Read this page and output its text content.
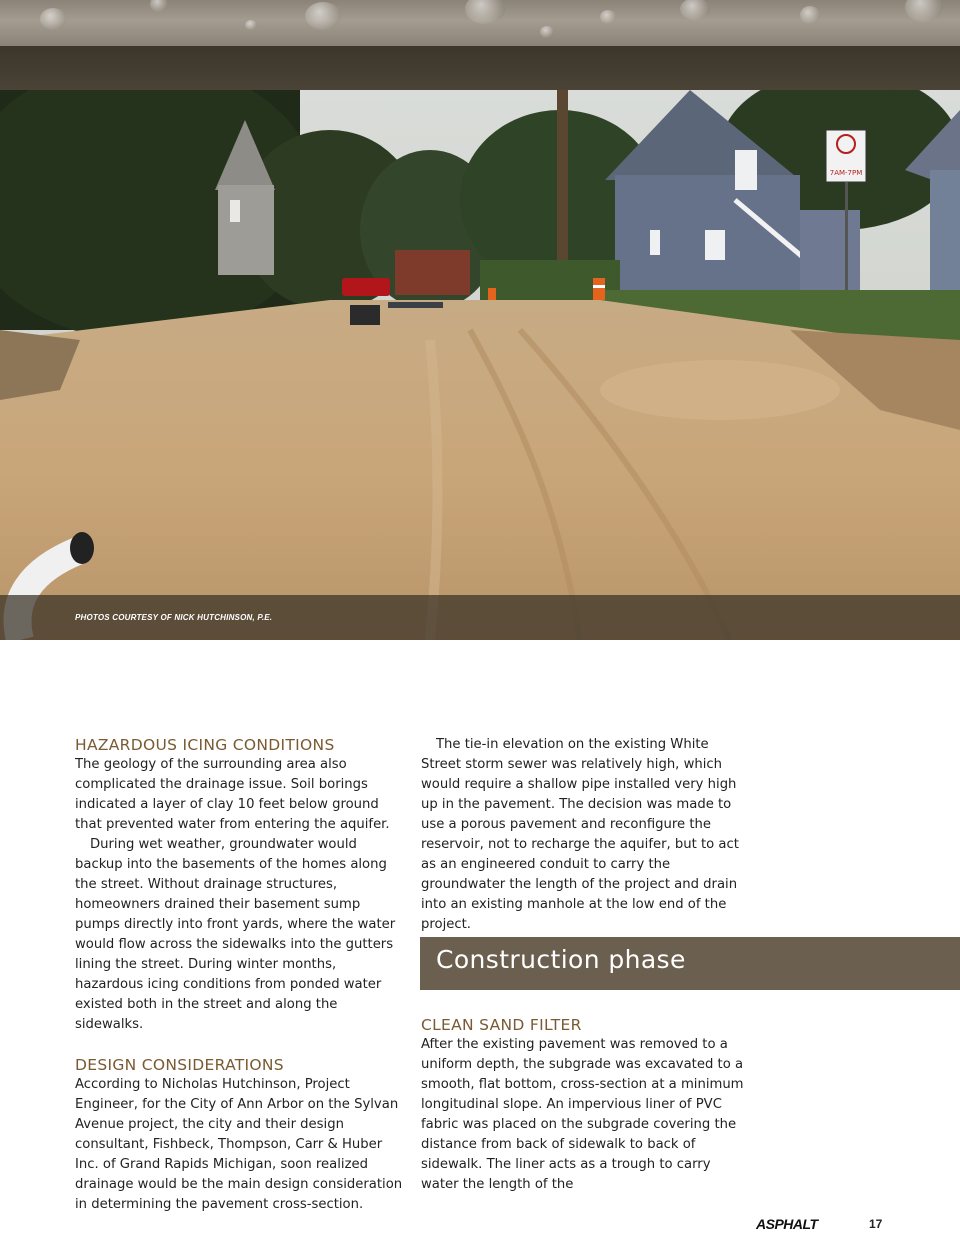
7AM-7PM
PHOTOS COURTESY OF NICK HUTCHINSON, P.E.

HAZARDOUS ICING CONDITIONS

The geology of the surrounding area also complicated the drainage issue. Soil borings indicated a layer of clay 10 feet below ground that prevented water from entering the aquifer.

During wet weather, groundwater would backup into the basements of the homes along the street. Without drainage structures, homeowners drained their basement sump pumps directly into front yards, where the water would flow across the sidewalks into the gutters lining the street. During winter months, hazardous icing conditions from ponded water existed both in the street and along the sidewalks.

DESIGN CONSIDERATIONS

According to Nicholas Hutchinson, Project Engineer, for the City of Ann Arbor on the Sylvan Avenue project, the city and their design consultant, Fishbeck, Thompson, Carr & Huber Inc. of Grand Rapids Michigan, soon realized drainage would be the main design consideration in determining the pavement cross-section.

The tie-in elevation on the existing White Street storm sewer was relatively high, which would require a shallow pipe installed very high up in the pavement. The decision was made to use a porous pavement and reconfigure the reservoir, not to recharge the aquifer, but to act as an engineered conduit to carry the groundwater the length of the project and drain into an existing manhole at the low end of the project.

Construction phase

CLEAN SAND FILTER

After the existing pavement was removed to a uniform depth, the subgrade was excavated to a smooth, flat bottom, cross-section at a minimum longitudinal slope. An impervious liner of PVC fabric was placed on the subgrade covering the distance from back of sidewalk to back of sidewalk. The liner acts as a trough to carry water the length of the

ASPHALT	17
